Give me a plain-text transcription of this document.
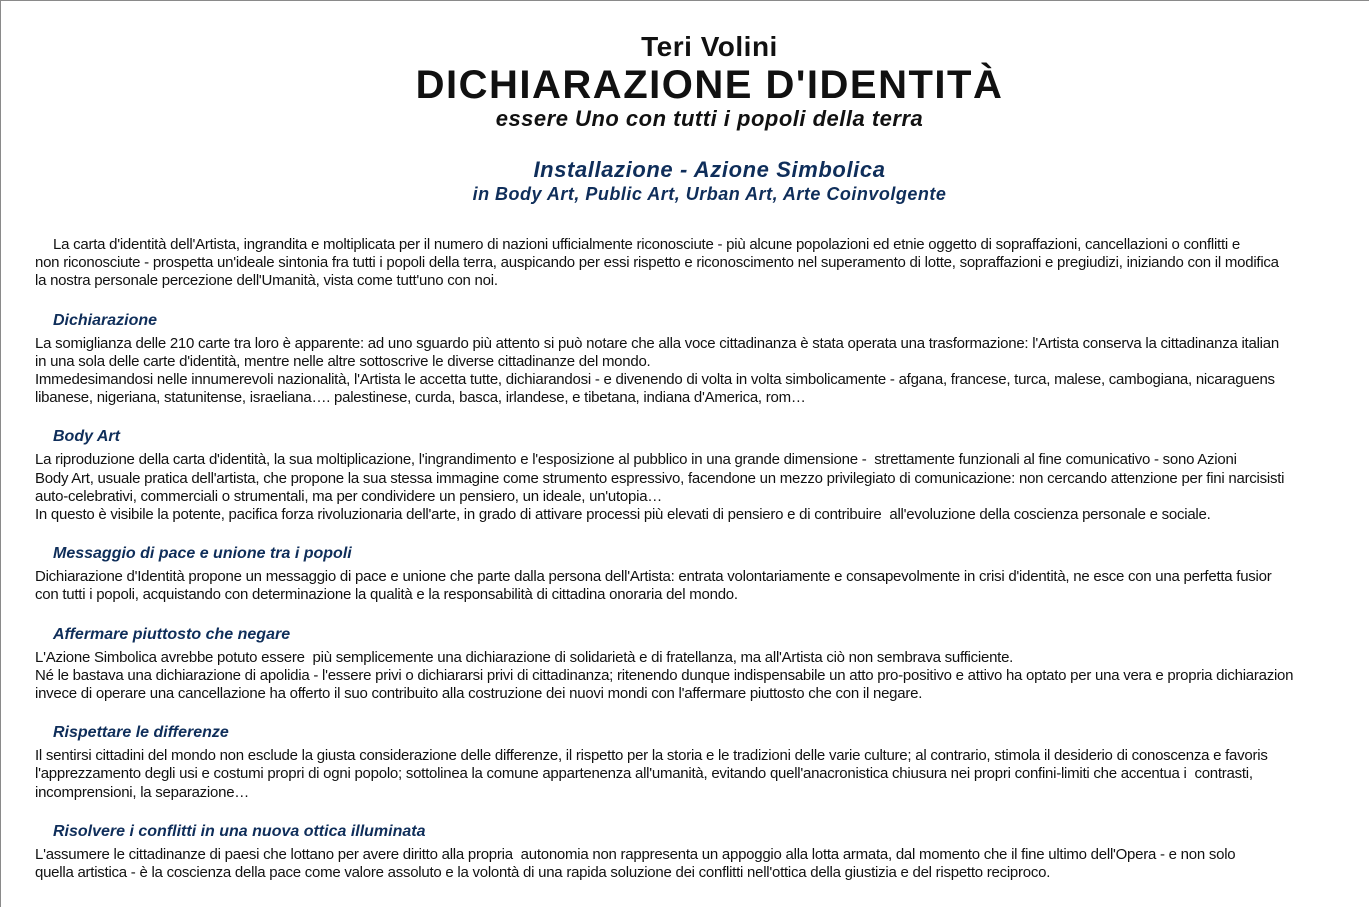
Teri Volini
DICHIARAZIONE D'IDENTITÀ
essere Uno con tutti i popoli della terra
Installazione - Azione Simbolica
in Body Art, Public Art, Urban Art, Arte Coinvolgente

La carta d'identità dell'Artista, ingrandita e moltiplicata per il numero di nazioni ufficialmente riconosciute - più alcune popolazioni ed etnie oggetto di sopraffazioni, cancellazioni o conflitti e

non riconosciute - prospetta un'ideale sintonia fra tutti i popoli della terra, auspicando per essi rispetto e riconoscimento nel superamento di lotte, sopraffazioni e pregiudizi, iniziando con il modifica

la nostra personale percezione dell'Umanità, vista come tutt'uno con noi.

Dichiarazione

La somiglianza delle 210 carte tra loro è apparente: ad uno sguardo più attento si può notare che alla voce cittadinanza è stata operata una trasformazione: l'Artista conserva la cittadinanza italian

in una sola delle carte d'identità, mentre nelle altre sottoscrive le diverse cittadinanze del mondo.

Immedesimandosi nelle innumerevoli nazionalità, l'Artista le accetta tutte, dichiarandosi - e divenendo di volta in volta simbolicamente - afgana, francese, turca, malese, cambogiana, nicaraguens

libanese, nigeriana, statunitense, israeliana…. palestinese, curda, basca, irlandese, e tibetana, indiana d'America, rom…

Body Art

La riproduzione della carta d'identità, la sua moltiplicazione, l'ingrandimento e l'esposizione al pubblico in una grande dimensione -  strettamente funzionali al fine comunicativo - sono Azioni

Body Art, usuale pratica dell'artista, che propone la sua stessa immagine come strumento espressivo, facendone un mezzo privilegiato di comunicazione: non cercando attenzione per fini narcisisti

auto-celebrativi, commerciali o strumentali, ma per condividere un pensiero, un ideale, un'utopia…

In questo è visibile la potente, pacifica forza rivoluzionaria dell'arte, in grado di attivare processi più elevati di pensiero e di contribuire  all'evoluzione della coscienza personale e sociale.

Messaggio di pace e unione tra i popoli

Dichiarazione d'Identità propone un messaggio di pace e unione che parte dalla persona dell'Artista: entrata volontariamente e consapevolmente in crisi d'identità, ne esce con una perfetta fusior

con tutti i popoli, acquistando con determinazione la qualità e la responsabilità di cittadina onoraria del mondo.

Affermare piuttosto che negare

L'Azione Simbolica avrebbe potuto essere  più semplicemente una dichiarazione di solidarietà e di fratellanza, ma all'Artista ciò non sembrava sufficiente.

Né le bastava una dichiarazione di apolidia - l'essere privi o dichiararsi privi di cittadinanza; ritenendo dunque indispensabile un atto pro-positivo e attivo ha optato per una vera e propria dichiarazion

invece di operare una cancellazione ha offerto il suo contribuito alla costruzione dei nuovi mondi con l'affermare piuttosto che con il negare.

Rispettare le differenze

Il sentirsi cittadini del mondo non esclude la giusta considerazione delle differenze, il rispetto per la storia e le tradizioni delle varie culture; al contrario, stimola il desiderio di conoscenza e favoris

l'apprezzamento degli usi e costumi propri di ogni popolo; sottolinea la comune appartenenza all'umanità, evitando quell'anacronistica chiusura nei propri confini-limiti che accentua i  contrasti,

incomprensioni, la separazione…

Risolvere i conflitti in una nuova ottica illuminata

L'assumere le cittadinanze di paesi che lottano per avere diritto alla propria  autonomia non rappresenta un appoggio alla lotta armata, dal momento che il fine ultimo dell'Opera - e non solo

quella artistica - è la coscienza della pace come valore assoluto e la volontà di una rapida soluzione dei conflitti nell'ottica della giustizia e del rispetto reciproco.
